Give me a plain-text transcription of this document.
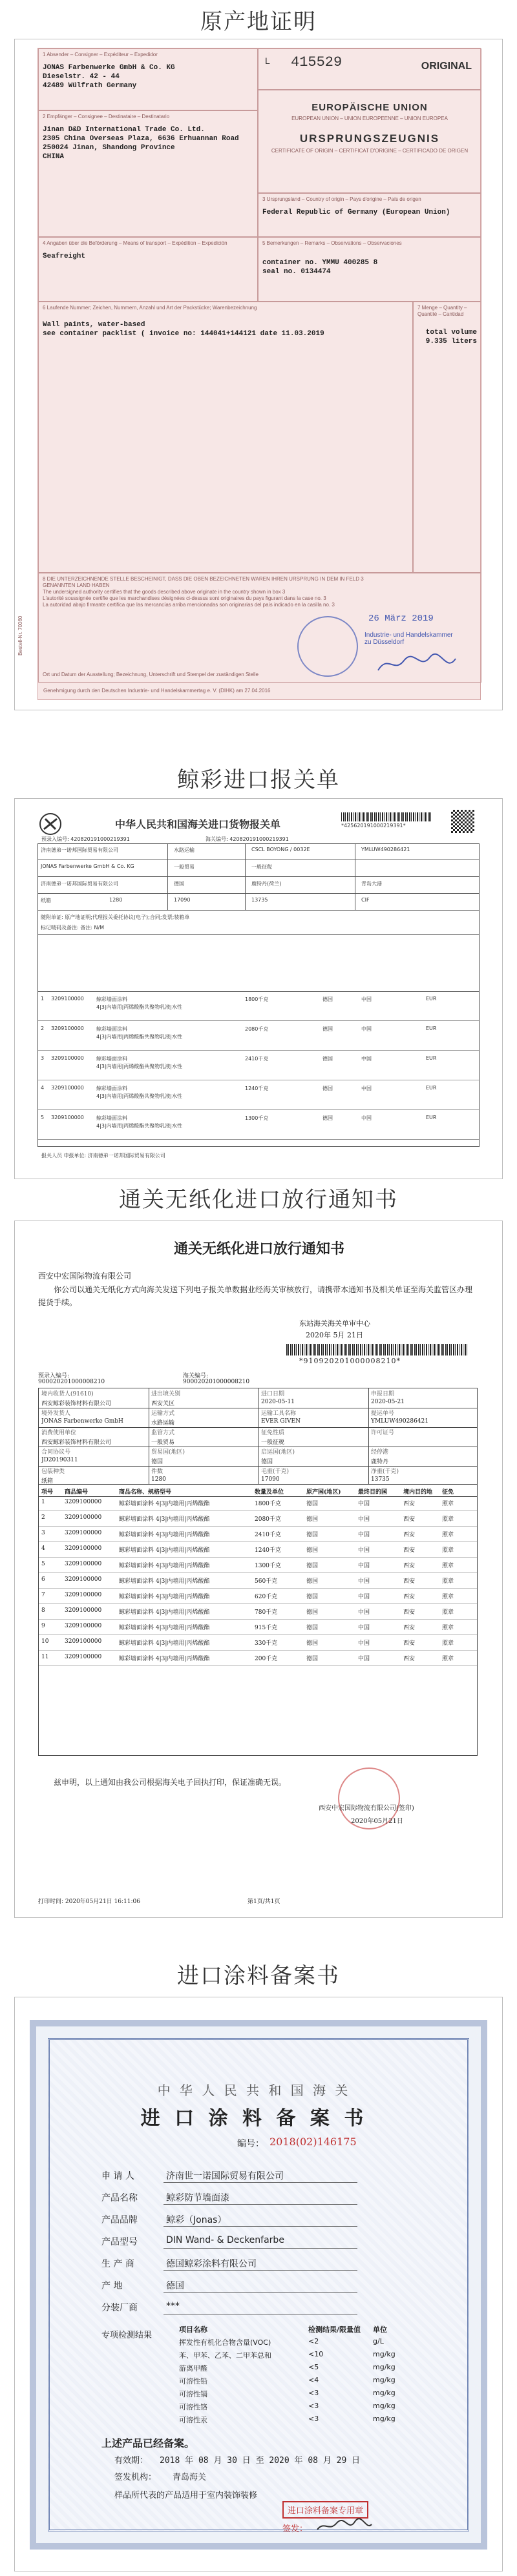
原产地证明
1 Absender – Consigner – Expéditeur – Expedidor
JONAS Farbenwerke GmbH & Co. KG
Dieselstr. 42 - 44
42489 Wülfrath Germany
L 415529	ORIGINAL
2 Empfänger – Consignee – Destinataire – Destinatario
Jinan D&D International Trade Co. Ltd.
2305 China Overseas Plaza, 6636 Erhuannan Road
250024 Jinan, Shandong Province
CHINA
EUROPÄISCHE UNION
EUROPEAN UNION – UNION EUROPEENNE – UNION EUROPEA
URSPRUNGSZEUGNIS
CERTIFICATE OF ORIGIN – CERTIFICAT D'ORIGINE – CERTIFICADO DE ORIGEN
3 Ursprungsland – Country of origin – Pays d'origine – País de origen
Federal Republic of Germany (European Union)
4 Angaben über die Beförderung – Means of transport – Expédition – Expedición
Seafreight
5 Bemerkungen – Remarks – Observations – Observaciones
container no. YMMU 400285 8
seal no. 0134474
6 Laufende Nummer; Zeichen, Nummern, Anzahl und Art der Packstücke; Warenbezeichnung
Wall paints, water-based
see container packlist ( invoice no: 144041+144121 date 11.03.2019
7 Menge – Quantity – Quantité – Cantidad
total volume
9.335 liters
8 DIE UNTERZEICHNENDE STELLE BESCHEINIGT, DASS DIE OBEN BEZEICHNETEN WAREN IHREN URSPRUNG IN DEM IN FELD 3 GENANNTEN LAND HABEN
The undersigned authority certifies that the goods described above originate in the country shown in box 3
L'autorité soussignée certifie que les marchandises désignées ci-dessus sont originaires du pays figurant dans la case no. 3
La autoridad abajo firmante certifica que las mercancías arriba mencionadas son originarias del país indicado en la casilla no. 3
26 März 2019
Industrie- und Handelskammer
zu Düsseldorf
Ort und Datum der Ausstellung; Bezeichnung, Unterschrift und Stempel der zuständigen Stelle
Genehmigung durch den Deutschen Industrie- und Handelskammertag e. V. (DIHK) am 27.04.2016
Bestell-Nr. 70060
鲸彩进口报关单
中华人民共和国海关进口货物报关单	*425620191000219391*
预录入编号: 420820191000219391	海关编号: 420820191000219391
济南德弟一诺邦国际贸易有限公司	水路运输	CSCL BOYONG / 0032E	YMLUW490286421
JONAS Farbenwerke GmbH & Co. KG	一般贸易	一般征税
济南德弟一诺邦国际贸易有限公司	德国	鹿特丹(荷兰)	青岛大港
纸箱	1280	17090	13735	CIF
随附单证: 原产地证明;代理报关委托协议(电子);合同;发票;装箱单
标记唛码及备注: 备注: N/M
1 3209100000 鲸彩墙面涂料
4|3|内墙用|丙烯酸酯共聚物乳液|水性
1800千克	德国	中国	EUR
2 3209100000 鲸彩墙面涂料
4|3|内墙用|丙烯酸酯共聚物乳液|水性
2080千克	德国	中国	EUR
3 3209100000 鲸彩墙面涂料
4|3|内墙用|丙烯酸酯共聚物乳液|水性
2410千克	德国	中国	EUR
4 3209100000 鲸彩墙面涂料
4|3|内墙用|丙烯酸酯共聚物乳液|水性
1240千克	德国	中国	EUR
5 3209100000 鲸彩墙面涂料
4|3|内墙用|丙烯酸酯共聚物乳液|水性
1300千克	德国	中国	EUR
报关人员 申报单位: 济南德弟一诺邦国际贸易有限公司
通关无纸化进口放行通知书
通关无纸化进口放行通知书
西安中宏国际物流有限公司
你公司以通关无纸化方式向海关发送下列电子报关单数据业经海关审核放行，请携带本通知书及相关单证至海关监管区办理提货手续。
东站海关海关单审中心
2020年 5月 21日
*910920201000008210*
预录入编号:
900020201000008210
海关编号:
900020201000008210
境内收货人(91610)	进出境关别	进口日期	申报日期
西安鲸彩装饰材料有限公司	西安关区	2020-05-11	2020-05-21
境外发货人	运输方式	运输工具名称	提运单号
JONAS Farbenwerke GmbH	水路运输	EVER GIVEN	YMLUW490286421
消费使用单位	监管方式	征免性质	许可证号
西安鲸彩装饰材料有限公司	一般贸易	一般征税
合同协议号	贸易国(地区)	启运国(地区)	经停港
JD20190311	德国	德国	鹿特丹
包装种类	件数	毛重(千克)	净重(千克)
纸箱	1280	17090	13735
项号 商品编号	商品名称、规格型号	数量及单位	原产国(地区)	最终目的国	境内目的地 征免
1	3209100000	鲸彩墙面涂料 4|3|内墙用|丙烯酸酯	1800千克	德国	中国	西安	照章
2	3209100000	鲸彩墙面涂料 4|3|内墙用|丙烯酸酯	2080千克	德国	中国	西安	照章
3	3209100000	鲸彩墙面涂料 4|3|内墙用|丙烯酸酯	2410千克	德国	中国	西安	照章
4	3209100000	鲸彩墙面涂料 4|3|内墙用|丙烯酸酯	1240千克	德国	中国	西安	照章
5	3209100000	鲸彩墙面涂料 4|3|内墙用|丙烯酸酯	1300千克	德国	中国	西安	照章
6	3209100000	鲸彩墙面涂料 4|3|内墙用|丙烯酸酯	560千克	德国	中国	西安	照章
7	3209100000	鲸彩墙面涂料 4|3|内墙用|丙烯酸酯	620千克	德国	中国	西安	照章
8	3209100000	鲸彩墙面涂料 4|3|内墙用|丙烯酸酯	780千克	德国	中国	西安	照章
9	3209100000	鲸彩墙面涂料 4|3|内墙用|丙烯酸酯	915千克	德国	中国	西安	照章
10	3209100000	鲸彩墙面涂料 4|3|内墙用|丙烯酸酯	330千克	德国	中国	西安	照章
11	3209100000	鲸彩墙面涂料 4|3|内墙用|丙烯酸酯	200千克	德国	中国	西安	照章
兹申明，以上通知由我公司根据海关电子回执打印，保证准确无误。
西安中宏国际物流有限公司(签印)
2020年05月21日
打印时间: 2020年05月21日 16:11:06	第1页/共1页
进口涂料备案书
中 华 人 民 共 和 国 海 关
进 口 涂 料 备 案 书
编号： 2018(02)146175
申 请 人	济南世一诺国际贸易有限公司
产品名称	鲸彩防节墙面漆
产品品牌	鲸彩（Jonas）
产品型号	DIN Wand- & Deckenfarbe
生 产 商	德国鲸彩涂料有限公司
产 地	德国
分装厂商	***
专项检测结果
项目名称	检测结果/限量值 单位
挥发性有机化合物含量(VOC)	<2	g/L
苯、甲苯、乙苯、二甲苯总和	<10	mg/kg
游离甲醛	<5	mg/kg
可溶性铅	<4	mg/kg
可溶性镉	<3	mg/kg
可溶性铬	<3	mg/kg
可溶性汞	<3	mg/kg
上述产品已经备案。
有效期： 2018 年 08 月 30 日 至 2020 年 08 月 29 日
签发机构： 青岛海关
样品所代表的产品适用于室内装饰装修
进口涂料备案专用章
签发：
